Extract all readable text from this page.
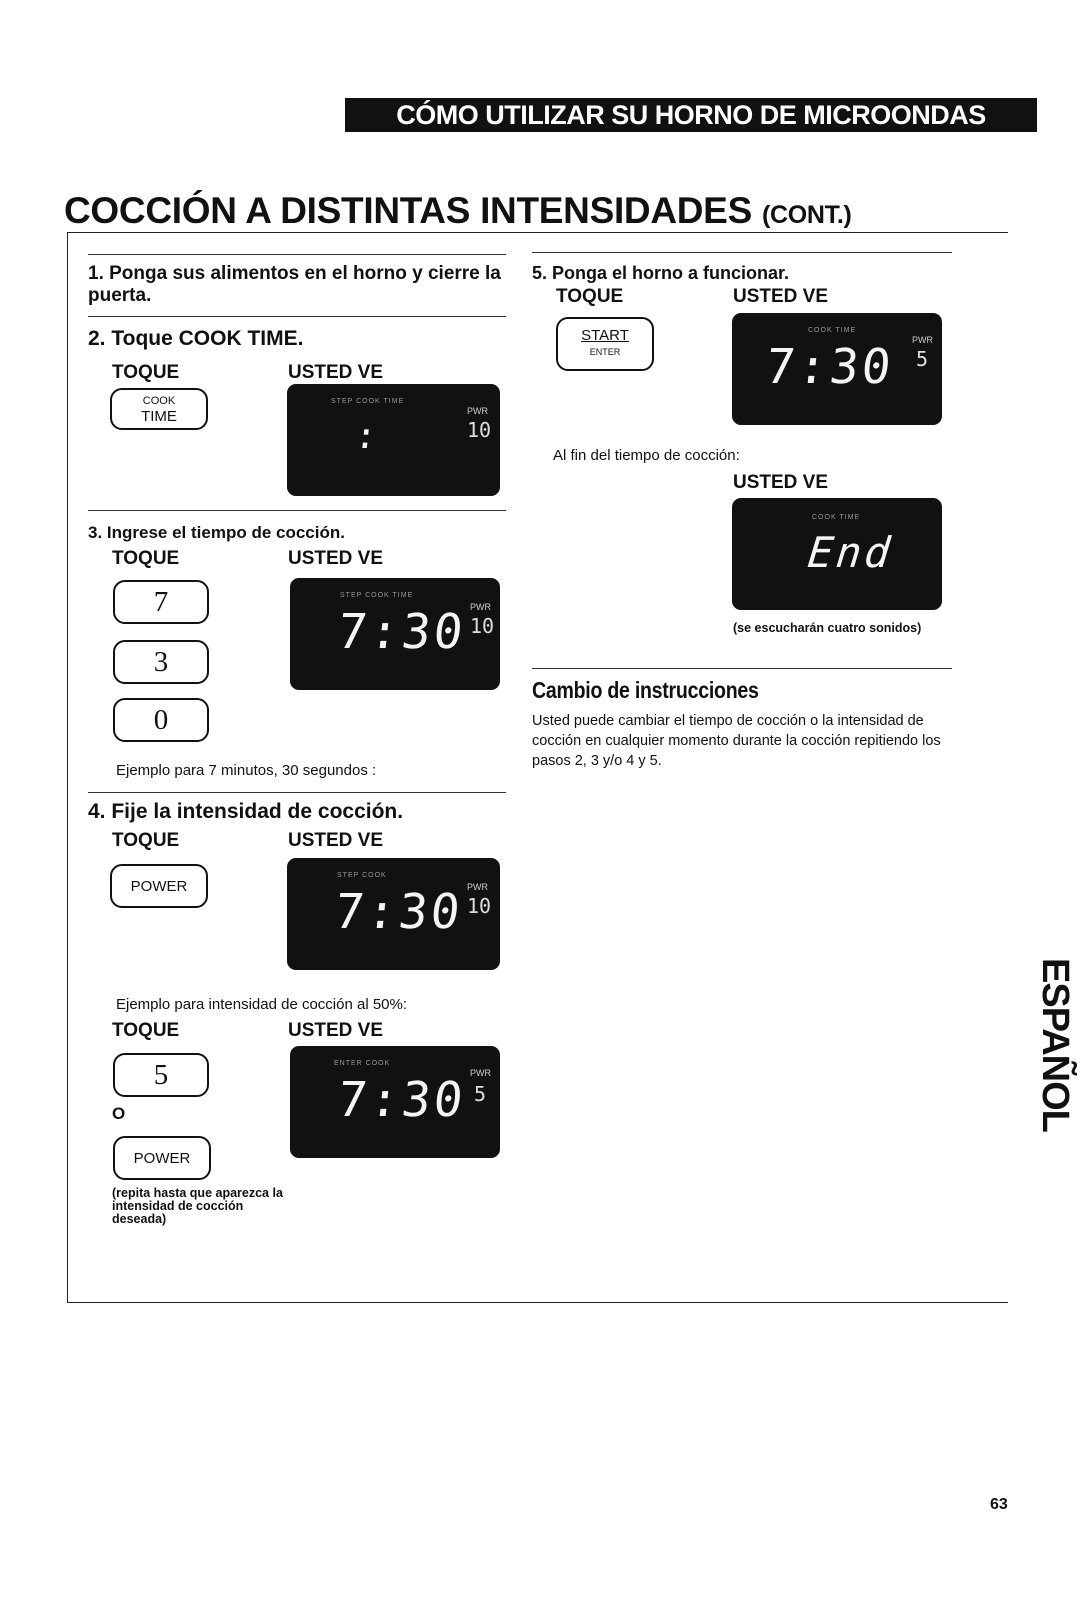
CÓMO UTILIZAR SU HORNO DE MICROONDAS
COCCIÓN A DISTINTAS INTENSIDADES (CONT.)
1. Ponga sus alimentos en el horno y cierre la puerta.
2. Toque COOK TIME.
TOQUE	USTED VE
COOK
TIME
STEP COOK TIME
:
PWR
10
3. Ingrese el tiempo de cocción.
TOQUE	USTED VE
7
3
0
STEP COOK TIME
7:30 PWR
10
Ejemplo para 7 minutos, 30 segundos :
4. Fije la intensidad de cocción.
TOQUE	USTED VE
POWER
STEP COOK
7:30 PWR
10
Ejemplo para intensidad de cocción al 50%:
TOQUE	USTED VE
5
O
POWER
(repita hasta que aparezca la intensidad de cocción deseada)
ENTER COOK
7:30 PWR
5
5. Ponga el horno a funcionar.
TOQUE	USTED VE
START
ENTER
COOK TIME
7:30 PWR
5
Al fin del tiempo de cocción:
USTED VE
COOK TIME
End
(se escucharán cuatro sonidos)
Cambio de instrucciones
Usted puede cambiar el tiempo de cocción o la intensidad de cocción en cualquier momento durante la cocción repitiendo los pasos 2, 3 y/o 4 y 5.
ESPAÑOL
63
